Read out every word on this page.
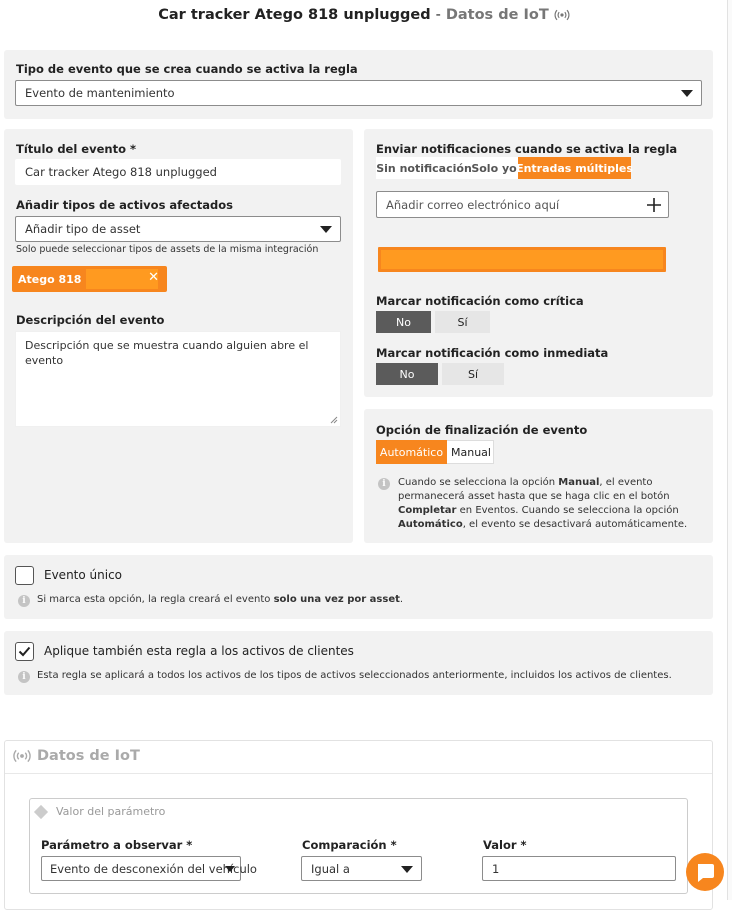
Car tracker Atego 818 unplugged - Datos de IoT
Tipo de evento que se crea cuando se activa la regla
Evento de mantenimiento
Título del evento *
Car tracker Atego 818 unplugged
Añadir tipos de activos afectados
Añadir tipo de asset
Solo puede seleccionar tipos de assets de la misma integración
Atego 818	✕
Descripción del evento
Descripción que se muestra cuando alguien abre el evento
Enviar notificaciones cuando se activa la regla
Sin notificación Solo yo Entradas múltiples
Añadir correo electrónico aquí
Marcar notificación como crítica
No	Sí
Marcar notificación como inmediata
No	Sí
Opción de finalización de evento
Automático Manual
i	Cuando se selecciona la opción Manual, el evento
permanecerá asset hasta que se haga clic en el botón
Completar en Eventos. Cuando se selecciona la opción
Automático, el evento se desactivará automáticamente.
Evento único
i	Si marca esta opción, la regla creará el evento solo una vez por asset.
Aplique también esta regla a los activos de clientes
i	Esta regla se aplicará a todos los activos de los tipos de activos seleccionados anteriormente, incluidos los activos de clientes.
Datos de IoT
Valor del parámetro
Parámetro a observar *
Evento de desconexión del vehículo
Comparación *
Igual a
Valor *
1
